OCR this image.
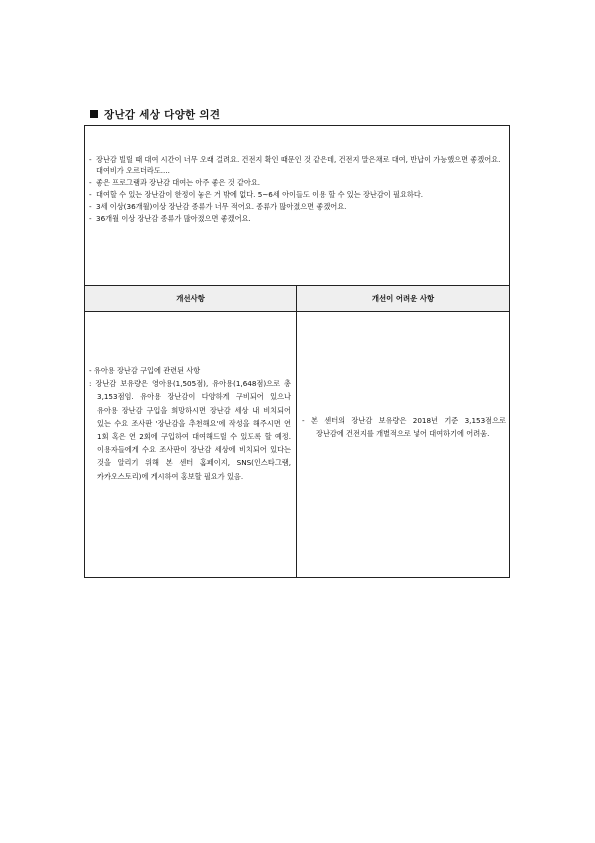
장난감 세상 다양한 의견
- 장난감 빌릴 때 대여 시간이 너무 오래 걸려요. 건전지 확인 때문인 것 같은데, 건전지 말은채로 대여, 반납이 가능했으면 좋겠어요. 대여비가 오르더라도....
- 좋은 프로그램과 장난감 대여는 아주 좋은 것 같아요.
- 대여할 수 있는 장난감이 한정이 놓은 거 밖에 없다. 5~6세 아이들도 이용 할 수 있는 장난감이 필요하다.
- 3세 이상(36개월)이상 장난감 종류가 너무 적어요. 종류가 많아졌으면 좋겠어요.
- 36개월 이상 장난감 종류가 많아졌으면 좋겠어요.
개선사항	개선이 어려운 사항
- 유아용 장난감 구입에 관련된 사항
: 장난감 보유량은 영아용(1,505점), 유아용(1,648점)으로 총 3,153점임. 유아용 장난감이 다양하게 구비되어 있으나 유아용 장난감 구입을 희망하시면 장난감 세상 내 비치되어 있는 수요 조사판 '장난감을 추천해요'에 작성을 해주시면 연 1회 혹은 연 2회에 구입하여 대여해드릴 수 있도록 할 예정. 이용자들에게 수요 조사판이 장난감 세상에 비치되어 있다는 것을 알리기 위해 본 센터 홈페이지, SNS(인스타그램, 카카오스토리)에 게시하여 홍보할 필요가 있음.
- 본 센터의 장난감 보유량은 2018년 기준 3,153점으로 장난감에 건전지를 개별적으로 넣어 대여하기에 어려움.
